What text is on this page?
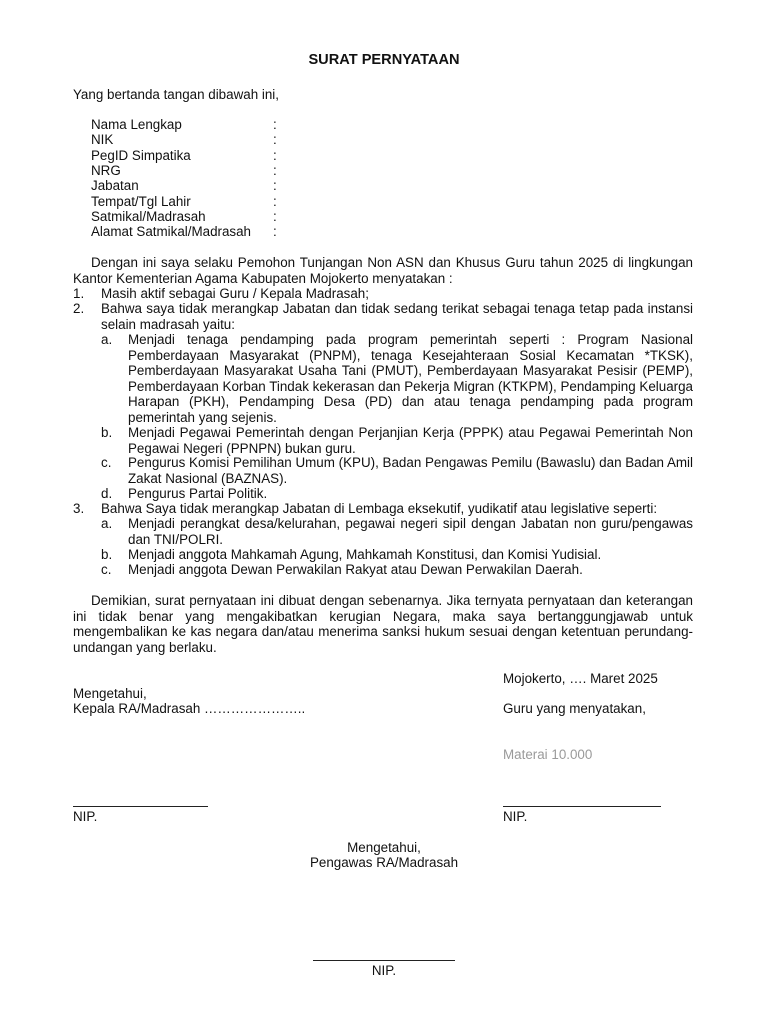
SURAT PERNYATAAN
Yang bertanda tangan dibawah ini,
Nama Lengkap	:
NIK	:
PegID Simpatika	:
NRG	:
Jabatan	:
Tempat/Tgl Lahir	:
Satmikal/Madrasah	:
Alamat Satmikal/Madrasah :
Dengan ini saya selaku Pemohon Tunjangan Non ASN dan Khusus Guru tahun 2025 di lingkungan Kantor Kementerian Agama Kabupaten Mojokerto menyatakan :
1. Masih aktif sebagai Guru / Kepala Madrasah;
2. Bahwa saya tidak merangkap Jabatan dan tidak sedang terikat sebagai tenaga tetap pada instansi selain madrasah yaitu:
a. Menjadi tenaga pendamping pada program pemerintah seperti : Program Nasional Pemberdayaan Masyarakat (PNPM), tenaga Kesejahteraan Sosial Kecamatan *TKSK), Pemberdayaan Masyarakat Usaha Tani (PMUT), Pemberdayaan Masyarakat Pesisir (PEMP), Pemberdayaan Korban Tindak kekerasan dan Pekerja Migran (KTKPM), Pendamping Keluarga Harapan (PKH), Pendamping Desa (PD) dan atau tenaga pendamping pada program pemerintah yang sejenis.
b. Menjadi Pegawai Pemerintah dengan Perjanjian Kerja (PPPK) atau Pegawai Pemerintah Non Pegawai Negeri (PPNPN) bukan guru.
c. Pengurus Komisi Pemilihan Umum (KPU), Badan Pengawas Pemilu (Bawaslu) dan Badan Amil Zakat Nasional (BAZNAS).
d. Pengurus Partai Politik.
3. Bahwa Saya tidak merangkap Jabatan di Lembaga eksekutif, yudikatif atau legislative seperti:
a. Menjadi perangkat desa/kelurahan, pegawai negeri sipil dengan Jabatan non guru/pengawas dan TNI/POLRI.
b. Menjadi anggota Mahkamah Agung, Mahkamah Konstitusi, dan Komisi Yudisial.
c. Menjadi anggota Dewan Perwakilan Rakyat atau Dewan Perwakilan Daerah.
Demikian, surat pernyataan ini dibuat dengan sebenarnya. Jika ternyata pernyataan dan keterangan ini tidak benar yang mengakibatkan kerugian Negara, maka saya bertanggungjawab untuk mengembalikan ke kas negara dan/atau menerima sanksi hukum sesuai dengan ketentuan perundang-undangan yang berlaku.
Mojokerto, …. Maret 2025
Mengetahui,
Kepala RA/Madrasah …………………..	Guru yang menyatakan,
Materai 10.000
NIP.	NIP.
Mengetahui,
Pengawas RA/Madrasah
NIP.
